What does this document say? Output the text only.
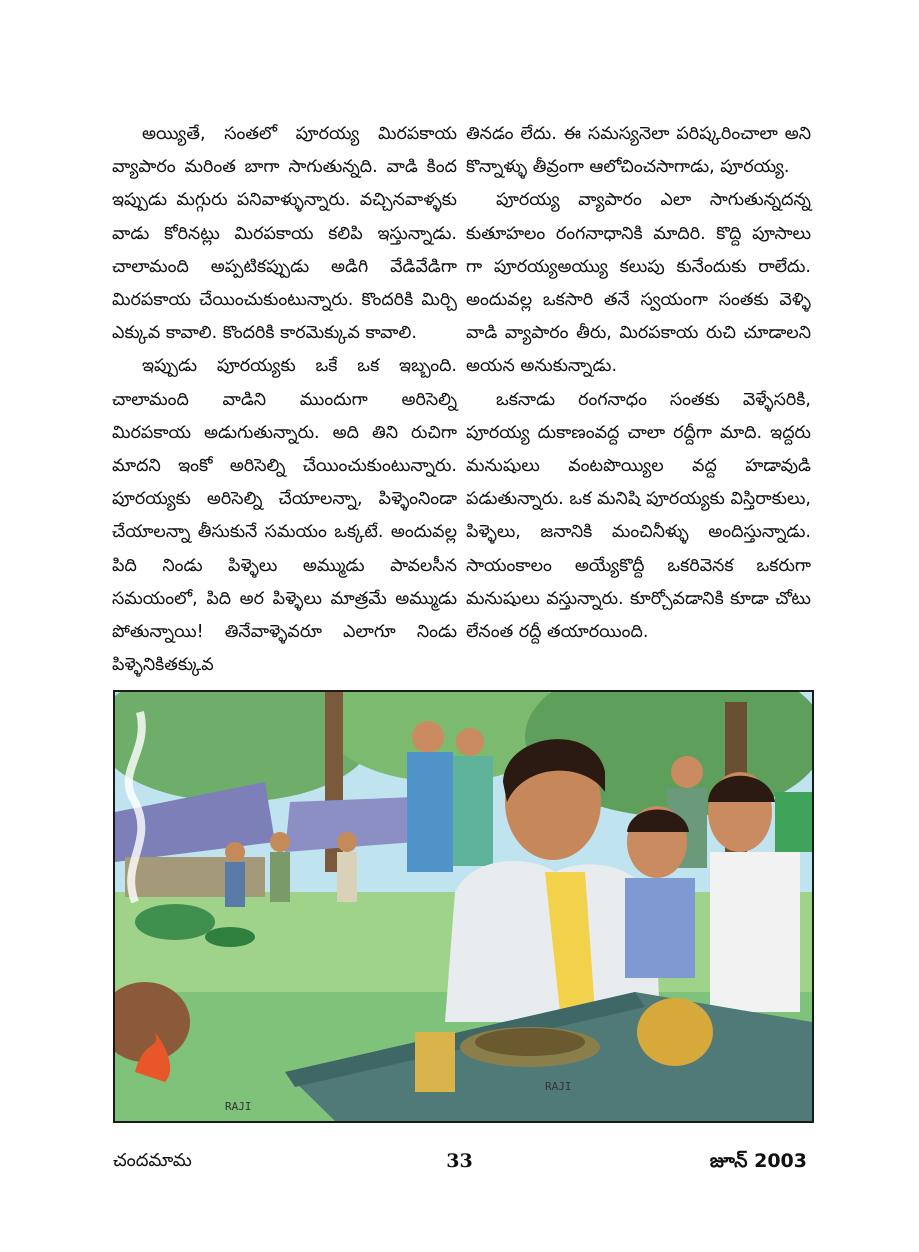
అయ్యితే, సంతలో పూరయ్య మిరపకాయ వ్యాపారం మరింత బాగా సాగుతున్నది. వాడి కింద ఇప్పుడు మగ్గురు పనివాళ్ళున్నారు. వచ్చినవాళ్ళకు వాడు కోరినట్లు మిరపకాయ కలిపి ఇస్తున్నాడు. చాలామంది అప్పటికప్పుడు అడిగి వేడివేడిగా మిరపకాయ చేయించుకుంటున్నారు. కొందరికి మిర్చి ఎక్కువ కావాలి. కొందరికి కారమెక్కువ కావాలి.

ఇప్పుడు పూరయ్యకు ఒకే ఒక ఇబ్బంది. చాలామంది వాడిని ముందుగా అరిసెల్ని మిరపకాయ అడుగుతున్నారు. అది తిని రుచిగా మాదని ఇంకో అరిసెల్ని చేయించుకుంటున్నారు. పూరయ్యకు అరిసెల్ని చేయాలన్నా, పిళ్ళెంనిండా చేయాలన్నా తీసుకునే సమయం ఒక్కటే. అందువల్ల పిది నిండు పిళ్ళెలు అమ్ముడు పావలసీన సమయంలో, పిది అర పిళ్ళెలు మాత్రమే అమ్ముడు పోతున్నాయి! తినేవాళ్ళెవరూ ఎలాగూ నిండు పిళ్ళెనికితక్కువ

తినడం లేదు. ఈ సమస్యనెలా పరిష్కరించాలా అని కొన్నాళ్ళు తీవ్రంగా ఆలోచించసాగాడు, పూరయ్య.

పూరయ్య వ్యాపారం ఎలా సాగుతున్నదన్న కుతూహలం రంగనాధానికి మాదిరి. కొద్ది పూసాలు గా పూరయ్యఅయ్యు కలుపు కునేందుకు రాలేదు. అందువల్ల ఒకసారి తనే స్వయంగా సంతకు వెళ్ళి వాడి వ్యాపారం తీరు, మిరపకాయ రుచి చూడాలని అయన అనుకున్నాడు.

ఒకనాడు రంగనాధం సంతకు వెళ్ళేసరికి, పూరయ్య దుకాణంవద్ద చాలా రద్దీగా మాది. ఇద్దరు మనుషులు వంటపొయ్యిల వద్ద హడావుడి పడుతున్నారు. ఒక మనిషి పూరయ్యకు విస్తిరాకులు, పిళ్ళెలు, జనానికి మంచినీళ్ళు అందిస్తున్నాడు. సాయంకాలం అయ్యేకొద్దీ ఒకరివెనక ఒకరుగా మనుషులు వస్తున్నారు. కూర్చోవడానికి కూడా చోటు లేనంత రద్దీ తయారయింది.

RAJI
RAJI
చందమామ	33	జూన్ 2003
